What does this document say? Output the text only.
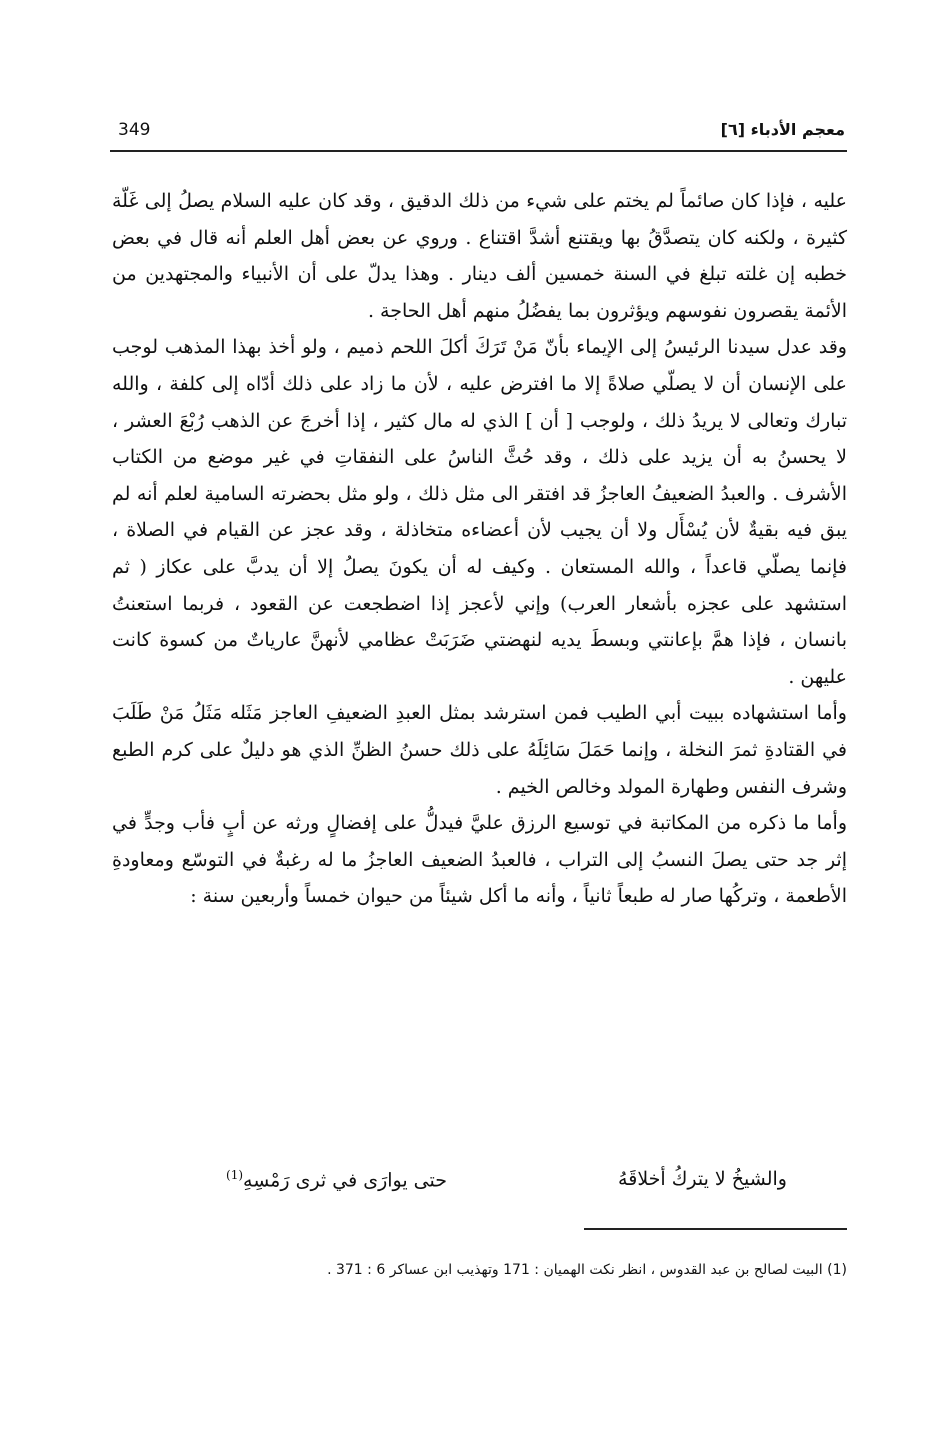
معجم الأدباء [٦]
349

عليه ، فإذا كان صائماً لم يختم على شيء من ذلك الدقيق ، وقد كان عليه السلام يصلُ إلى غَلّة كثيرة ، ولكنه كان يتصدَّقُ بها ويقتنع أشدَّ اقتناع . وروي عن بعض أهل العلم أنه قال في بعض خطبه إن غلته تبلغ في السنة خمسين ألف دينار . وهذا يدلّ على أن الأنبياء والمجتهدين من الأئمة يقصرون نفوسهم ويؤثرون بما يفضُلُ منهم أهل الحاجة .

وقد عدل سيدنا الرئيسُ إلى الإيماء بأنّ مَنْ تَرَكَ أكلَ اللحم ذميم ، ولو أخذ بهذا المذهب لوجب على الإنسان أن لا يصلّي صلاةً إلا ما افترض عليه ، لأن ما زاد على ذلك أدّاه إلى كلفة ، والله تبارك وتعالى لا يريدُ ذلك ، ولوجب [ أن ] الذي له مال كثير ، إذا أخرجَ عن الذهب رُبْعَ العشر ، لا يحسنُ به أن يزيد على ذلك ، وقد حُثَّ الناسُ على النفقاتِ في غير موضع من الكتاب الأشرف . والعبدُ الضعيفُ العاجزُ قد افتقر الى مثل ذلك ، ولو مثل بحضرته السامية لعلم أنه لم يبق فيه بقيةٌ لأن يُسْأَل ولا أن يجيب لأن أعضاءه متخاذلة ، وقد عجز عن القيام في الصلاة ، فإنما يصلّي قاعداً ، والله المستعان . وكيف له أن يكونَ يصلُ إلا أن يدبَّ على عكاز ( ثم استشهد على عجزه بأشعار العرب) وإني لأعجز إذا اضطجعت عن القعود ، فربما استعنتُ بانسان ، فإذا همَّ بإعانتي وبسطَ يديه لنهضتي ضَرَبَتْ عظامي لأنهنَّ عارياتٌ من كسوة كانت عليهن .

وأما استشهاده ببيت أبي الطيب فمن استرشد بمثل العبدِ الضعيفِ العاجز مَثَله مَثَلُ مَنْ طَلَبَ في القتادةِ ثمرَ النخلة ، وإنما حَمَلَ سَائِلَهُ على ذلك حسنُ الظنِّ الذي هو دليلٌ على كرم الطبع وشرف النفس وطهارة المولد وخالص الخيم .

وأما ما ذكره من المكاتبة في توسيع الرزق عليَّ فيدلُّ على إفضالٍ ورثه عن أبٍ فأب وجدٍّ في إثر جد حتى يصلَ النسبُ إلى التراب ، فالعبدُ الضعيف العاجزُ ما له رغبةٌ في التوسّع ومعاودةِ الأطعمة ، وتركُها صار له طبعاً ثانياً ، وأنه ما أكل شيئاً من حيوان خمساً وأربعين سنة :

والشيخُ لا يتركُ أخلاقَهُ
حتى يوارَى في ثرى رَمْسِهِ$^{(1)}$
(1) البيت لصالح بن عبد القدوس ، انظر نكت الهميان : 171 وتهذيب ابن عساكر 6 : 371 .
